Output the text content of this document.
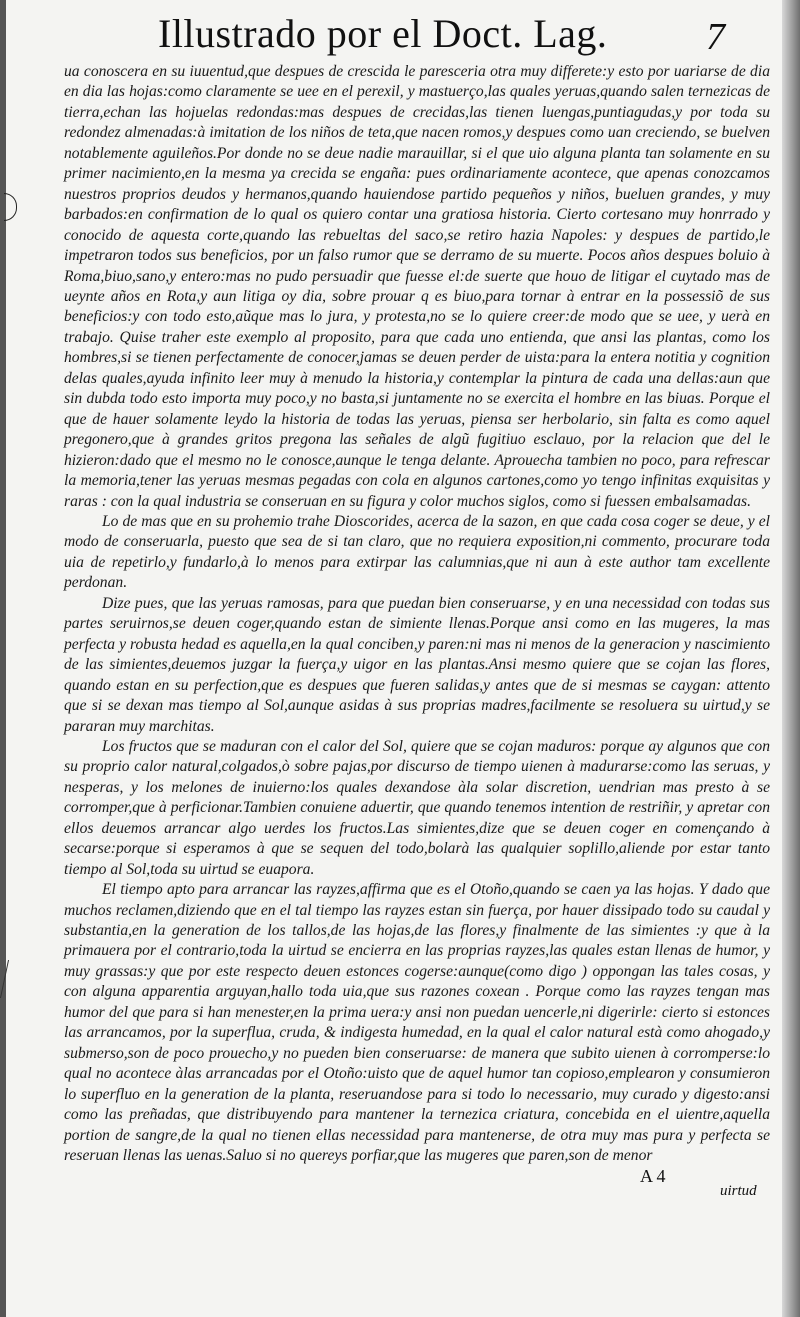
Illustrado por el Doct. Lag.	7

ua conoscera en su iuuentud,que despues de crescida le paresceria otra muy differete:y esto por uariarse de dia en dia las hojas:como claramente se uee en el perexil, y mastuerço,las quales yeruas,quando salen ternezicas de tierra,echan las hojuelas redondas:mas despues de crecidas,las tienen luengas,puntiagudas,y por toda su redondez almenadas:à imitation de los niños de teta,que nacen romos,y despues como uan creciendo, se buelven notablemente aguileños.Por donde no se deue nadie marauillar, si el que uio alguna planta tan solamente en su primer nacimiento,en la mesma ya crecida se engaña: pues ordinariamente acontece, que apenas conozcamos nuestros proprios deudos y hermanos,quando hauiendose partido pequeños y niños, bueluen grandes, y muy barbados:en confirmation de lo qual os quiero contar una gratiosa historia. Cierto cortesano muy honrrado y conocido de aquesta corte,quando las rebueltas del saco,se retiro hazia Napoles: y despues de partido,le impetraron todos sus beneficios, por un falso rumor que se derramo de su muerte. Pocos años despues boluio à Roma,biuo,sano,y entero:mas no pudo persuadir que fuesse el:de suerte que houo de litigar el cuytado mas de ueynte años en Rota,y aun litiga oy dia, sobre prouar q es biuo,para tornar à entrar en la possessiõ de sus beneficios:y con todo esto,aũque mas lo jura, y protesta,no se lo quiere creer:de modo que se uee, y uerà en trabajo. Quise traher este exemplo al proposito, para que cada uno entienda, que ansi las plantas, como los hombres,si se tienen perfectamente de conocer,jamas se deuen perder de uista:para la entera notitia y cognition delas quales,ayuda infinito leer muy à menudo la historia,y contemplar la pintura de cada una dellas:aun que sin dubda todo esto importa muy poco,y no basta,si juntamente no se exercita el hombre en las biuas. Porque el que de hauer solamente leydo la historia de todas las yeruas, piensa ser herbolario, sin falta es como aquel pregonero,que à grandes gritos pregona las señales de algũ fugitiuo esclauo, por la relacion que del le hizieron:dado que el mesmo no le conosce,aunque le tenga delante. Aprouecha tambien no poco, para refrescar la memoria,tener las yeruas mesmas pegadas con cola en algunos cartones,como yo tengo infinitas exquisitas y raras : con la qual industria se conseruan en su figura y color muchos siglos, como si fuessen embalsamadas.

Lo de mas que en su prohemio trahe Dioscorides, acerca de la sazon, en que cada cosa coger se deue, y el modo de conseruarla, puesto que sea de si tan claro, que no requiera exposition,ni commento, procurare toda uia de repetirlo,y fundarlo,à lo menos para extirpar las calumnias,que ni aun à este author tam excellente perdonan.

Dize pues, que las yeruas ramosas, para que puedan bien conseruarse, y en una necessidad con todas sus partes seruirnos,se deuen coger,quando estan de simiente llenas.Porque ansi como en las mugeres, la mas perfecta y robusta hedad es aquella,en la qual conciben,y paren:ni mas ni menos de la generacion y nascimiento de las simientes,deuemos juzgar la fuerça,y uigor en las plantas.Ansi mesmo quiere que se cojan las flores, quando estan en su perfection,que es despues que fueren salidas,y antes que de si mesmas se caygan: attento que si se dexan mas tiempo al Sol,aunque asidas à sus proprias madres,facilmente se resoluera su uirtud,y se pararan muy marchitas.

Los fructos que se maduran con el calor del Sol, quiere que se cojan maduros: porque ay algunos que con su proprio calor natural,colgados,ò sobre pajas,por discurso de tiempo uienen à madurarse:como las seruas, y nesperas, y los melones de inuierno:los quales dexandose àla solar discretion, uendrian mas presto à se corromper,que à perficionar.Tambien conuiene aduertir, que quando tenemos intention de restriñir, y apretar con ellos deuemos arrancar algo uerdes los fructos.Las simientes,dize que se deuen coger en començando à secarse:porque si esperamos à que se sequen del todo,bolarà las qualquier soplillo,aliende por estar tanto tiempo al Sol,toda su uirtud se euapora.

El tiempo apto para arrancar las rayzes,affirma que es el Otoño,quando se caen ya las hojas. Y dado que muchos reclamen,diziendo que en el tal tiempo las rayzes estan sin fuerça, por hauer dissipado todo su caudal y substantia,en la generation de los tallos,de las hojas,de las flores,y finalmente de las simientes :y que à la primauera por el contrario,toda la uirtud se encierra en las proprias rayzes,las quales estan llenas de humor, y muy grassas:y que por este respecto deuen estonces cogerse:aunque(como digo ) oppongan las tales cosas, y con alguna apparentia arguyan,hallo toda uia,que sus razones coxean . Porque como las rayzes tengan mas humor del que para si han menester,en la prima uera:y ansi non puedan uencerle,ni digerirle: cierto si estonces las arrancamos, por la superflua, cruda, & indigesta humedad, en la qual el calor natural està como ahogado,y submerso,son de poco prouecho,y no pueden bien conseruarse: de manera que subito uienen à corromperse:lo qual no acontece àlas arrancadas por el Otoño:uisto que de aquel humor tan copioso,emplearon y consumieron lo superfluo en la generation de la planta, reseruandose para si todo lo necessario, muy curado y digesto:ansi como las preñadas, que distribuyendo para mantener la ternezica criatura, concebida en el uientre,aquella portion de sangre,de la qual no tienen ellas necessidad para mantenerse, de otra muy mas pura y perfecta se reseruan llenas las uenas.Saluo si no quereys porfiar,que las mugeres que paren,son de menor

A 4
uirtud
